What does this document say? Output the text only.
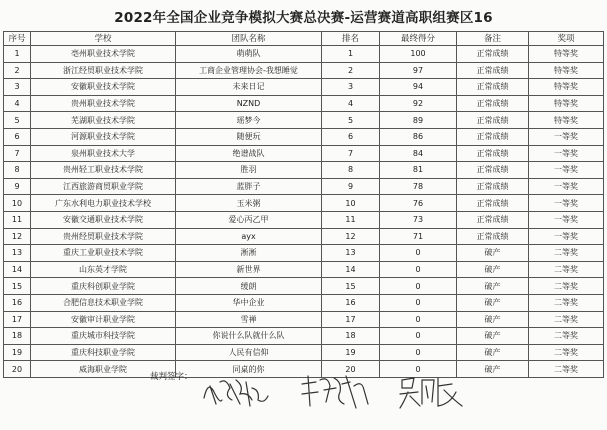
2022年全国企业竞争模拟大赛总决赛-运营赛道高职组赛区16
序号	学校	团队名称	排名	最终得分	备注	奖项
1	亳州职业技术学院	萌萌队	1	100	正常成绩	特等奖
2	浙江经贸职业技术学院	工商企业管理协会-我想睡觉	2	97	正常成绩	特等奖
3	安徽职业技术学院	未来日记	3	94	正常成绩	特等奖
4	贵州职业技术学院	NZND	4	92	正常成绩	特等奖
5	芜湖职业技术学院	瑶梦今	5	89	正常成绩	特等奖
6	河源职业技术学院	随便玩	6	86	正常成绩	一等奖
7	泉州职业技术大学	绝谱战队	7	84	正常成绩	一等奖
8	贵州轻工职业技术学院	胜羽	8	81	正常成绩	一等奖
9	江西旅游商贸职业学院	蓝胖子	9	78	正常成绩	一等奖
10	广东水利电力职业技术学校	玉米粥	10	76	正常成绩	一等奖
11	安徽交通职业技术学院	爱心丙乙甲	11	73	正常成绩	一等奖
12	贵州经贸职业技术学院	ayx	12	71	正常成绩	一等奖
13	重庆工业职业技术学院	淅淅	13	0	破产	二等奖
14	山东英才学院	新世界	14	0	破产	二等奖
15	重庆科创职业学院	缓朗	15	0	破产	二等奖
16	合肥信息技术职业学院	华中企业	16	0	破产	二等奖
17	安徽审计职业学院	雪禅	17	0	破产	二等奖
18	重庆城市科技学院	你说什么队就什么队	18	0	破产	二等奖
19	重庆科技职业学院	人民有信仰	19	0	破产	二等奖
20	威海职业学院	同桌的你	20	0	破产	二等奖
裁判签字：
